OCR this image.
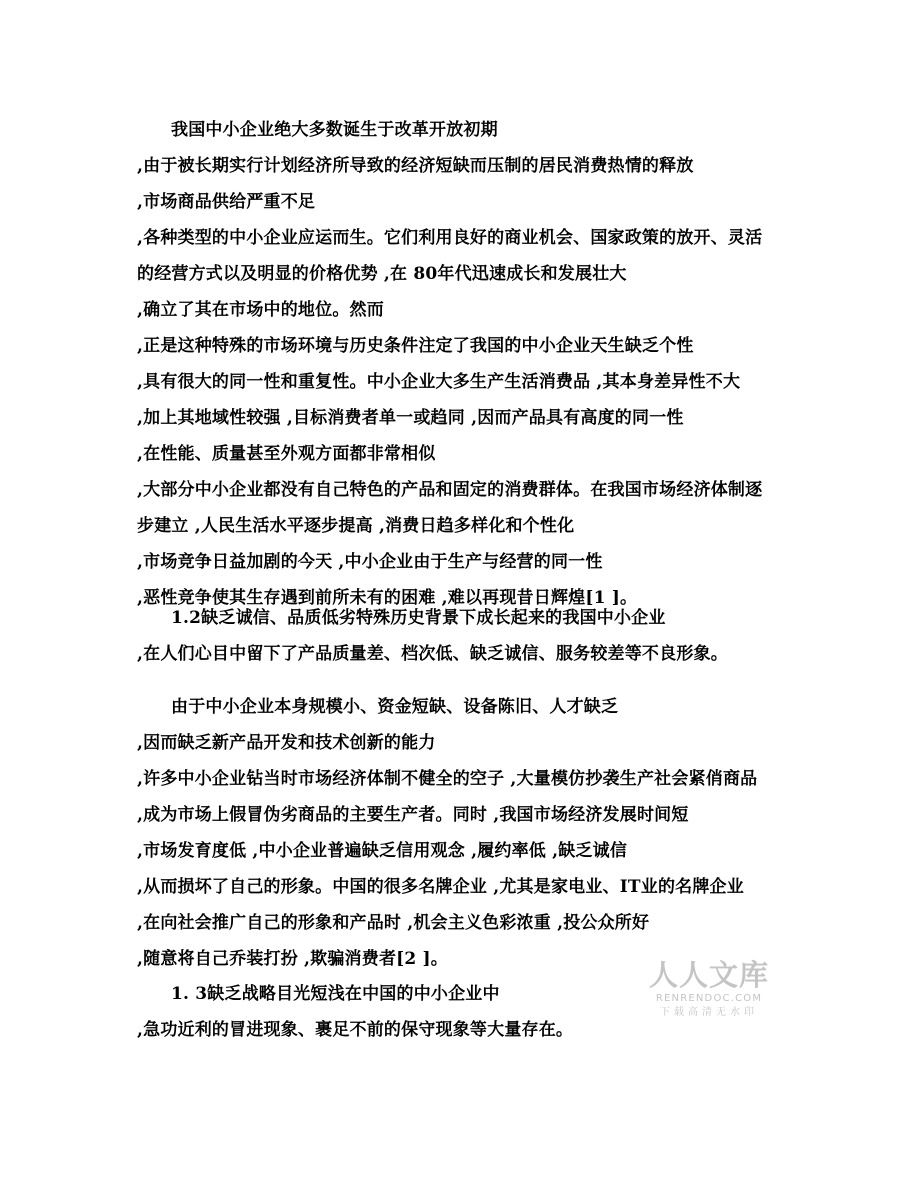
我国中小企业绝大多数诞生于改革开放初期
,由于被长期实行计划经济所导致的经济短缺而压制的居民消费热情的释放
,市场商品供给严重不足
,各种类型的中小企业应运而生。它们利用良好的商业机会、国家政策的放开、灵活
的经营方式以及明显的价格优势 ,在 80年代迅速成长和发展壮大
,确立了其在市场中的地位。然而
,正是这种特殊的市场环境与历史条件注定了我国的中小企业天生缺乏个性
,具有很大的同一性和重复性。中小企业大多生产生活消费品 ,其本身差异性不大
,加上其地域性较强 ,目标消费者单一或趋同 ,因而产品具有高度的同一性
,在性能、质量甚至外观方面都非常相似
,大部分中小企业都没有自己特色的产品和固定的消费群体。在我国市场经济体制逐
步建立 ,人民生活水平逐步提高 ,消费日趋多样化和个性化
,市场竞争日益加剧的今天 ,中小企业由于生产与经营的同一性
,恶性竞争使其生存遇到前所未有的困难 ,难以再现昔日辉煌[1 ]。
1.2缺乏诚信、品质低劣特殊历史背景下成长起来的我国中小企业
,在人们心目中留下了产品质量差、档次低、缺乏诚信、服务较差等不良形象。
由于中小企业本身规模小、资金短缺、设备陈旧、人才缺乏
,因而缺乏新产品开发和技术创新的能力
,许多中小企业钻当时市场经济体制不健全的空子 ,大量模仿抄袭生产社会紧俏商品
,成为市场上假冒伪劣商品的主要生产者。同时 ,我国市场经济发展时间短
,市场发育度低 ,中小企业普遍缺乏信用观念 ,履约率低 ,缺乏诚信
,从而损坏了自己的形象。中国的很多名牌企业 ,尤其是家电业、IT业的名牌企业
,在向社会推广自己的形象和产品时 ,机会主义色彩浓重 ,投公众所好
,随意将自己乔装打扮 ,欺骗消费者[2 ]。
1. 3缺乏战略目光短浅在中国的中小企业中
,急功近利的冒进现象、裹足不前的保守现象等大量存在。
人人文库
RENRENDOC.COM
下载高清无水印
